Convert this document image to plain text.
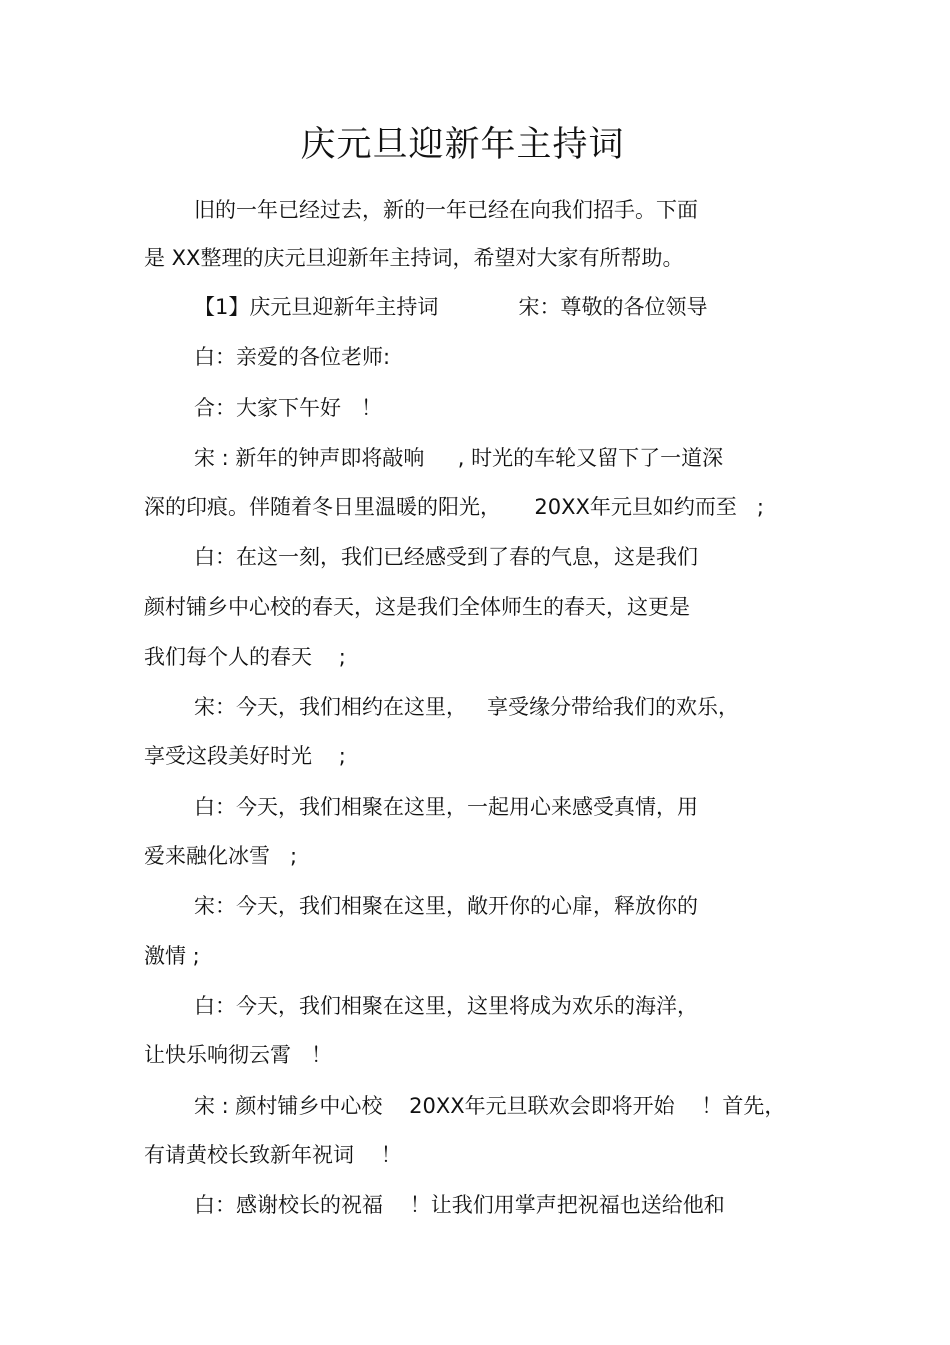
庆元旦迎新年主持词

旧的一年已经过去，新的一年已经在向我们招手。下面

是 XX整理的庆元旦迎新年主持词，希望对大家有所帮助。

【1】庆元旦迎新年主持词            宋：尊敬的各位领导

白：亲爱的各位老师:

合：大家下午好   ！

宋 : 新年的钟声即将敲响     , 时光的车轮又留下了一道深

深的印痕。伴随着冬日里温暖的阳光，     20XX年元旦如约而至   ;

白：在这一刻，我们已经感受到了春的气息，这是我们

颜村铺乡中心校的春天，这是我们全体师生的春天，这更是

我们每个人的春天    ;

宋：今天，我们相约在这里，   享受缘分带给我们的欢乐，

享受这段美好时光    ;

白：今天，我们相聚在这里，一起用心来感受真情，用

爱来融化冰雪   ;

宋：今天，我们相聚在这里，敞开你的心扉，释放你的

激情 ;

白：今天，我们相聚在这里，这里将成为欢乐的海洋，

让快乐响彻云霄   ！

宋 : 颜村铺乡中心校    20XX年元旦联欢会即将开始    ！首先，

有请黄校长致新年祝词    ！

白：感谢校长的祝福    ！让我们用掌声把祝福也送给他和
